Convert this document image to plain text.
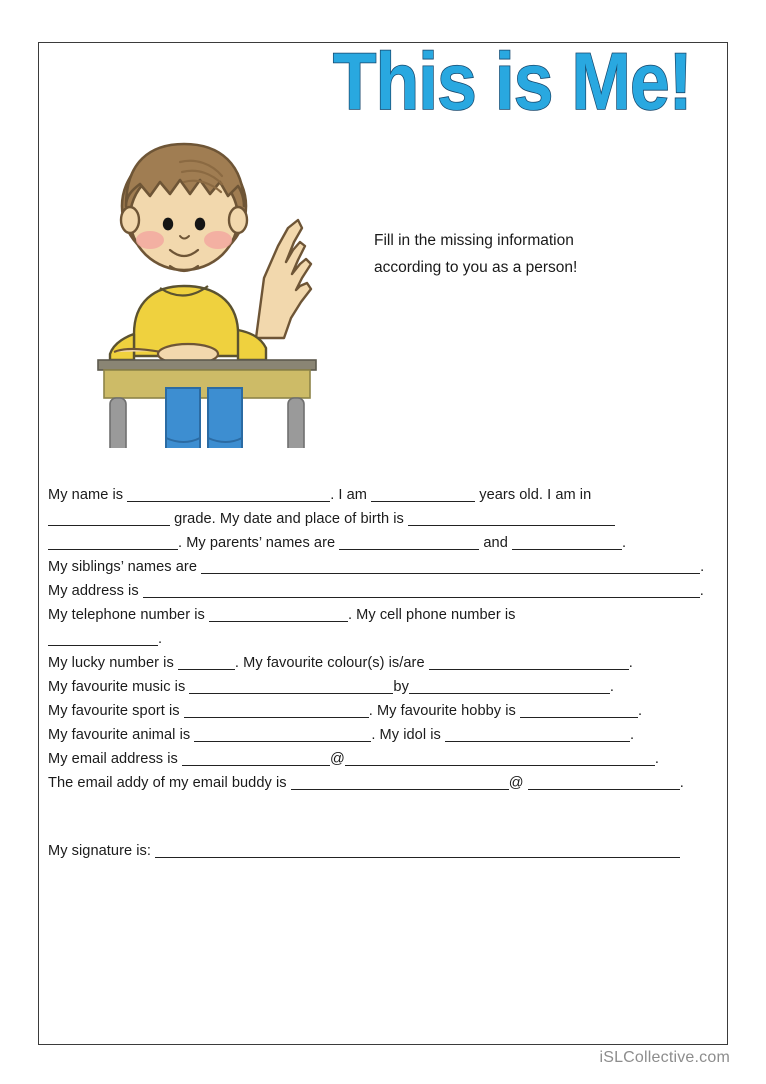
This is Me!
Fill in the missing information
according to you as a person!
My name is	. I am	years old. I am in
grade. My date and place of birth is
. My parents’ names are	and	.
My siblings’ names are	.
My address is	.
My telephone number is	. My cell phone number is
.
My lucky number is	. My favourite colour(s) is/are	.
My favourite music is	by	.
My favourite sport is	. My favourite hobby is	.
My favourite animal is	. My idol is	.
My email address is	@	.
The email addy of my email buddy is	@	.
My signature is:
iSLCollective.com
